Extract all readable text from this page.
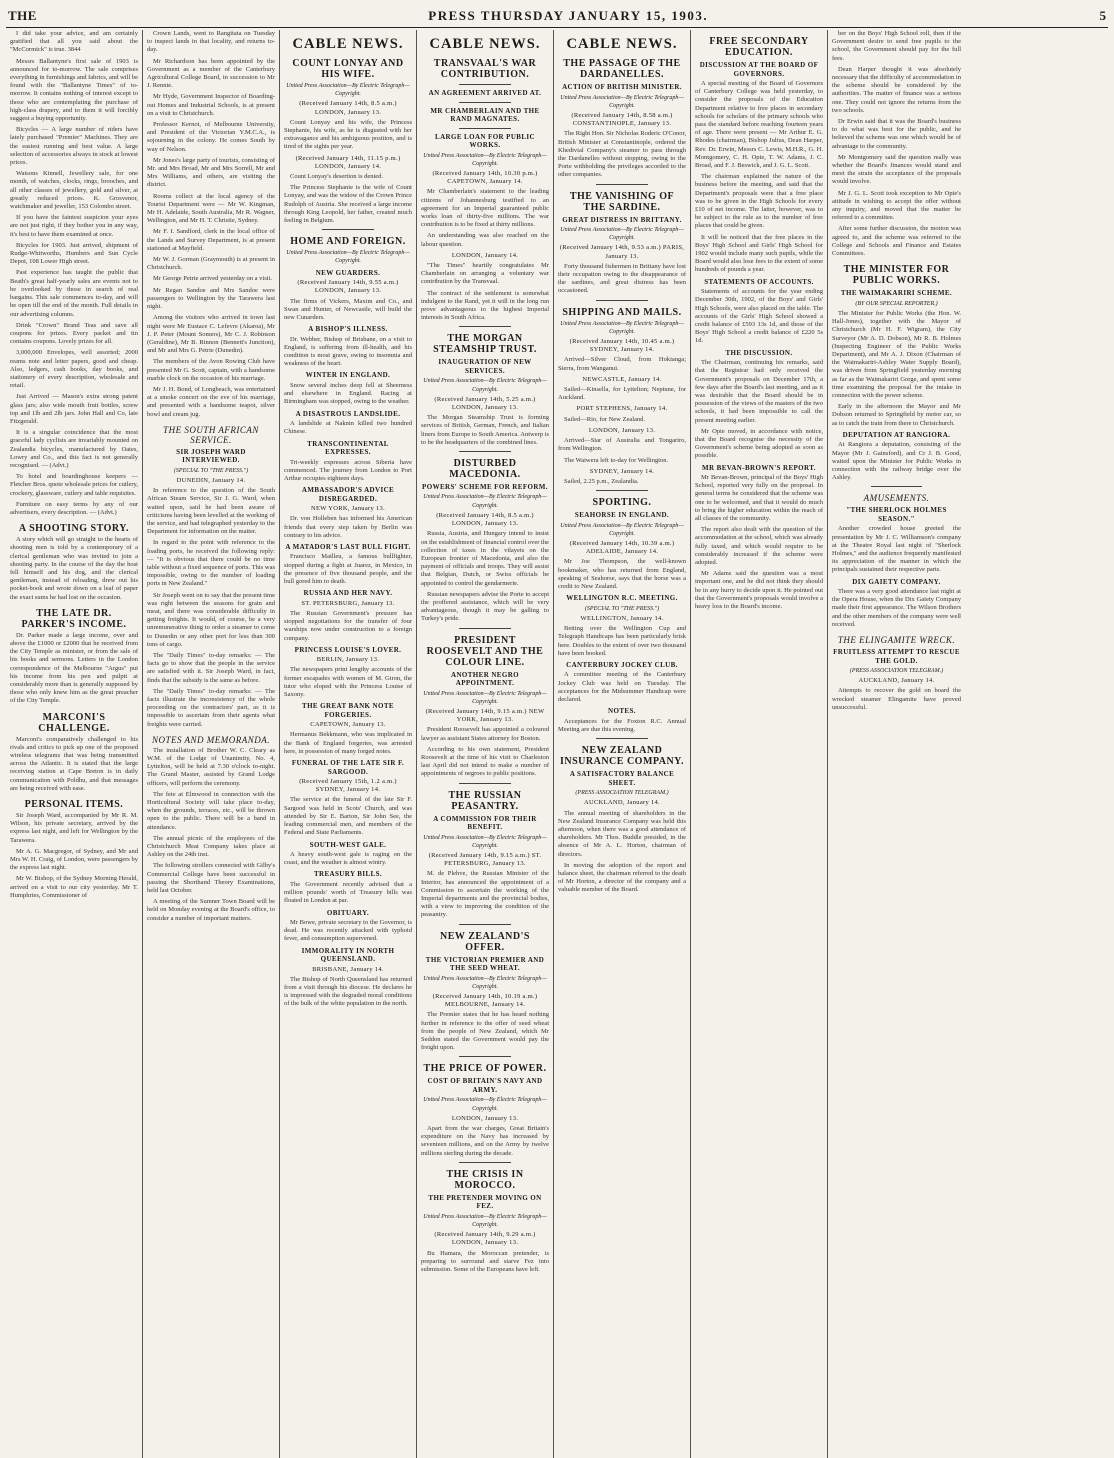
THE	PRESS THURSDAY JANUARY 15, 1903.	5

I did take your advice, and am certainly gratified that all you said about the "McCormick" is true. 3844

Messrs Ballantyne's first sale of 1903 is announced for to-morrow. The sale comprises everything in furnishings and fabrics, and will be found with the "Ballantyne Times" of to-morrow. It contains nothing of interest except to those who are contemplating the purchase of high-class drapery, and to them it will forcibly suggest a buying opportunity.

Bicycles — A large number of riders have lately purchased "Premier" Machines. They are the easiest running and best value. A large selection of accessories always in stock at lowest prices.

Watsons Kinnell, Jewellery sale, for one month, of watches, clocks, rings, brooches, and all other classes of jewellery, gold and silver, at greatly reduced prices. K. Grosvenor, watchmaker and jeweller, 153 Colombo street.

If you have the faintest suspicion your eyes are not just right, if they bother you in any way, it's best to have them examined at once.

Bicycles for 1903. Just arrived, shipment of Rudge-Whitworths, Humbers and Sun Cycle Depot, 108 Lower High street.

Past experience has taught the public that Beath's great half-yearly sales are events not to be overlooked by those in search of real bargains. This sale commences to-day, and will be open till the end of the month. Full details in our advertising columns.

Drink "Crown" Brand Teas and save all coupons for prizes. Every packet and tin contains coupons. Lovely prizes for all.

3,000,000 Envelopes, well assorted; 2000 reams note and letter papers, good and cheap. Also, ledgers, cash books, day books, and stationery of every description, wholesale and retail.

Just Arrived — Mason's extra strong patent glass jars; also wide mouth fruit bottles, screw top and 1lb and 2lb jars. John Hall and Co, late Fitzgerald.

It is a singular coincidence that the most graceful lady cyclists are invariably mounted on Zealandia bicycles, manufactured by Oates, Lowry and Co., and this fact is not generally recognised. — (Advt.)

To hotel and boardinghouse keepers — Fletcher Bros. quote wholesale prices for cutlery, crockery, glassware, cutlery and table requisites.

Furniture on easy terms by any of our advertisers, every description. — (Advt.)

A SHOOTING STORY.

A story which will go straight to the hearts of shooting men is told by a contemporary of a clerical gentleman who was invited to join a shooting party. In the course of the day the host fell himself and his dog, and the clerical gentleman, instead of reloading, drew out his pocket-book and wrote down on a leaf of paper the exact sums he had lost on the occasion.

THE LATE DR. PARKER'S INCOME.

Dr. Parker made a large income, over and above the £1000 or £2000 that he received from the City Temple as minister, or from the sale of his books and sermons. Letters in the London correspondence of the Melbourne "Argus" put his income from his pen and pulpit at considerably more than is generally supposed by those who only knew him as the great preacher of the City Temple.

MARCONI'S CHALLENGE.

Marconi's comparatively challenged to his rivals and critics to pick up one of the proposed wireless telegrams that was being transmitted across the Atlantic. It is stated that the large receiving station at Cape Breton is in daily communication with Poldhu, and that messages are being received with ease.

PERSONAL ITEMS.

Sir Joseph Ward, accompanied by Mr R. M. Wilson, his private secretary, arrived by the express last night, and left for Wellington by the Tarawera.

Mr A. G. Macgregor, of Sydney, and Mr and Mrs W. H. Craig, of London, were passengers by the express last night.

Mr W. Bishop, of the Sydney Morning Herald, arrived on a visit to our city yesterday. Mr T. Humphries, Commissioner of

Crown Lands, went to Rangitata on Tuesday to inspect lands in that locality, and returns to-day.

Mr Richardson has been appointed by the Government as a member of the Canterbury Agricultural College Board, in succession to Mr J. Rennie.

Mr Hyde, Government Inspector of Boarding-out Homes and Industrial Schools, is at present on a visit to Christchurch.

Professor Kernot, of Melbourne University, and President of the Victorian Y.M.C.A., is sojourning in the colony. He comes South by way of Nelson.

Mr Jones's large party of tourists, consisting of Mr. and Mrs Broad, Mr and Mrs Sorrell, Mr and Mrs Williams, and others, are visiting the district.

Rooms collect at the local agency of the Tourist Department were — Mr W. Kingman, Mr H. Adelaide, South Australia, Mr R. Wagner, Wellington, and Mr H. T. Christie, Sydney.

Mr F. I. Sandford, clerk in the local office of the Lands and Survey Department, is at present stationed at Mayfield.

Mr W. J. Gorman (Graymouth) is at present in Christchurch.

Mr George Petrie arrived yesterday on a visit.

Mr Regan Sandoe and Mrs Sandoe were passengers to Wellington by the Tarawera last night.

Among the visitors who arrived in town last night were Mr Eustace C. Lefevre (Akaroa), Mr J. P. Peter (Mount Somers), Mr C. J. Robinson (Geraldine), Mr B. Rinnon (Bennett's Junction), and Mr and Mrs G. Petrie (Dunedin).

The members of the Avon Rowing Club have presented Mr G. Scott, captain, with a handsome marble clock on the occasion of his marriage.

Mr J. H. Bond, of Longbeach, was entertained at a smoke concert on the eve of his marriage, and presented with a handsome teapot, silver bowl and cream jug.

THE SOUTH AFRICAN SERVICE.
SIR JOSEPH WARD INTERVIEWED.
(SPECIAL TO "THE PRESS.")
DUNEDIN, January 14.

In reference to the question of the South African Steam Service, Sir J. G. Ward, when waited upon, said he had been aware of criticisms having been levelled at the working of the service, and had telegraphed yesterday to the Department for information on the matter.

In regard to the point with reference to the loading ports, he received the following reply: — "It is obvious that there could be no time table without a fixed sequence of ports. This was impossible, owing to the number of loading ports in New Zealand."

Sir Joseph went on to say that the present time was right between the seasons for grain and meat, and there was considerable difficulty in getting freights. It would, of course, be a very unremunerative thing to order a steamer to come to Dunedin or any other port for less than 300 tons of cargo.

The "Daily Times" to-day remarks: — The facts go to show that the people in the service are satisfied with it. Sir Joseph Ward, in fact, finds that the subsidy is the same as before.

The "Daily Times" to-day remarks: — The facts illustrate the inconsistency of the whole proceeding on the contractors' part, as it is impossible to ascertain from their agents what freights were carried.

NOTES AND MEMORANDA.

The installation of Brother W. C. Cleary as W.M. of the Lodge of Unanimity, No. 4, Lyttelton, will be held at 7.30 o'clock to-night. The Grand Master, assisted by Grand Lodge officers, will perform the ceremony.

The fete at Elmwood in connection with the Horticultural Society will take place to-day, when the grounds, terraces, etc., will be thrown open to the public. There will be a band in attendance.

The annual picnic of the employees of the Christchurch Meat Company takes place at Ashley on the 24th inst.

The following strollers connected with Gilby's Commercial College have been successful in passing the Shorthand Theory Examinations, held last October.

A meeting of the Sumner Town Board will be held on Monday evening at the Board's office, to consider a number of important matters.

CABLE NEWS.
COUNT LONYAY AND HIS WIFE.
United Press Association—By Electric Telegraph—Copyright.
(Received January 14th, 8.5 a.m.) LONDON, January 13.

Count Lonyay and his wife, the Princess Stephanie, his wife, as he is disgusted with her extravagance and his ambiguous position, and is tired of the sights per year.

(Received January 14th, 11.15 p.m.) LONDON, January 14.

Count Lonyay's desertion is denied.

The Princess Stephanie is the wife of Count Lonyay, and was the widow of the Crown Prince Rudolph of Austria. She received a large income through King Leopold, her father, created much feeling in Belgium.

HOME AND FOREIGN.
United Press Association—By Electric Telegraph—Copyright.
NEW GUARDERS.
(Received January 14th, 9.55 a.m.) LONDON, January 13.

The firms of Vickers, Maxim and Co., and Swan and Hunter, of Newcastle, will build the new Cunarders.

A BISHOP'S ILLNESS.

Dr. Webber, Bishop of Brisbane, on a visit to England, is suffering from ill-health, and his condition is most grave, owing to insomnia and weakness of the heart.

WINTER IN ENGLAND.

Snow several inches deep fell at Sheerness and elsewhere in England. Racing at Birmingham was stopped, owing to the weather.

A DISASTROUS LANDSLIDE.

A landslide at Naknin killed two hundred Chinese.

TRANSCONTINENTAL EXPRESSES.

Tri-weekly expresses across Siberia have commenced. The journey from London to Port Arthur occupies eighteen days.

AMBASSADOR'S ADVICE DISREGARDED.
NEW YORK, January 13.

Dr. von Holleben has informed his American friends that every step taken by Berlin was contrary to his advice.

A MATADOR'S LAST BULL FIGHT.

Francisco Mailleu, a famous bullfighter, stopped during a fight at Juarez, in Mexico, in the presence of five thousand people, and the bull gored him to death.

RUSSIA AND HER NAVY.
ST. PETERSBURG, January 13.

The Russian Government's pressure has stopped negotiations for the transfer of four warships now under construction to a foreign company.

PRINCESS LOUISE'S LOVER.
BERLIN, January 13.

The newspapers print lengthy accounts of the former escapades with women of M. Giron, the tutor who eloped with the Princess Louise of Saxony.

THE GREAT BANK NOTE FORGERIES.
CAPETOWN, January 13.

Hermanus Bekkmann, who was implicated in the Bank of England forgeries, was arrested here, in possession of many forged notes.

FUNERAL OF THE LATE SIR F. SARGOOD.
(Received January 15th, 1.2 a.m.) SYDNEY, January 14.

The service at the funeral of the late Sir F. Sargood was held in Scots' Church, and was attended by Sir E. Barton, Sir John See, the leading commercial men, and members of the Federal and State Parliaments.

SOUTH-WEST GALE.

A heavy south-west gale is raging on the coast, and the weather is almost wintry.

TREASURY BILLS.

The Government recently advised that a million pounds' worth of Treasury bills was floated in London at par.

OBITUARY.

Mr Bowe, private secretary to the Governor, is dead. He was recently attacked with typhoid fever, and consumption supervened.

IMMORALITY IN NORTH QUEENSLAND.
BRISBANE, January 14.

The Bishop of North Queensland has returned from a visit through his diocese. He declares he is impressed with the degraded moral conditions of the bulk of the white population in the north.

CABLE NEWS.
TRANSVAAL'S WAR CONTRIBUTION.
AN AGREEMENT ARRIVED AT.
MR CHAMBERLAIN AND THE RAND MAGNATES.
LARGE LOAN FOR PUBLIC WORKS.
United Press Association—By Electric Telegraph—Copyright.
(Received January 14th, 10.30 p.m.) CAPETOWN, January 14.

Mr Chamberlain's statement to the leading citizens of Johannesburg testified to an agreement for an Imperial guaranteed public works loan of thirty-five millions. The war contribution is to be fixed at thirty millions.

An understanding was also reached on the labour question.

LONDON, January 14.

"The Times" heartily congratulates Mr Chamberlain on arranging a voluntary war contribution by the Transvaal.

The contract of the settlement is somewhat indulgent to the Rand, yet it will in the long run prove advantageous to the highest Imperial interests in South Africa.

THE MORGAN STEAMSHIP TRUST.
INAUGURATION OF NEW SERVICES.
United Press Association—By Electric Telegraph—Copyright.
(Received January 14th, 5.25 a.m.) LONDON, January 13.

The Morgan Steamship Trust is forming services of British, German, French, and Italian liners from Europe to South America. Antwerp is to be the headquarters of the combined lines.

DISTURBED MACEDONIA.
POWERS' SCHEME FOR REFORM.
United Press Association—By Electric Telegraph—Copyright.
(Received January 14th, 8.5 a.m.) LONDON, January 13.

Russia, Austria, and Hungary intend to insist on the establishment of financial control over the collection of taxes in the vilayets on the European frontier of Macedonia, and also the payment of officials and troops. They will assist that Belgian, Dutch, or Swiss officials be appointed to control the gendarmerie.

Russian newspapers advise the Porte to accept the proffered assistance, which will be very advantageous, though it may be galling to Turkey's pride.

PRESIDENT ROOSEVELT AND THE COLOUR LINE.
ANOTHER NEGRO APPOINTMENT.
United Press Association—By Electric Telegraph—Copyright.
(Received January 14th, 9.15 a.m.) NEW YORK, January 13.

President Roosevelt has appointed a coloured lawyer as assistant States attorney for Boston.

According to his own statement, President Roosevelt at the time of his visit to Charleston last April did not intend to make a number of appointments of negroes to public positions.

THE RUSSIAN PEASANTRY.
A COMMISSION FOR THEIR BENEFIT.
United Press Association—By Electric Telegraph—Copyright.
(Received January 14th, 9.15 a.m.) ST. PETERSBURG, January 13.

M. de Plehve, the Russian Minister of the Interior, has announced the appointment of a Commission to ascertain the working of the Imperial departments and the provincial bodies, with a view to improving the condition of the peasantry.

NEW ZEALAND'S OFFER.
THE VICTORIAN PREMIER AND THE SEED WHEAT.
United Press Association—By Electric Telegraph—Copyright.
(Received January 14th, 10.19 a.m.) MELBOURNE, January 14.

The Premier states that he has heard nothing further in reference to the offer of seed wheat from the people of New Zealand, which Mr Seddon stated the Government would pay the freight upon.

THE PRICE OF POWER.
COST OF BRITAIN'S NAVY AND ARMY.
United Press Association—By Electric Telegraph—Copyright.
LONDON, January 13.

Apart from the war charges, Great Britain's expenditure on the Navy has increased by seventeen millions, and on the Army by twelve millions sterling during the decade.

THE CRISIS IN MOROCCO.
THE PRETENDER MOVING ON FEZ.
United Press Association—By Electric Telegraph—Copyright.
(Received January 14th, 9.29 a.m.) LONDON, January 13.

Bu Hamara, the Moroccan pretender, is preparing to surround and starve Fez into submission. Some of the Europeans have left.

CABLE NEWS.
THE PASSAGE OF THE DARDANELLES.
ACTION OF BRITISH MINISTER.
United Press Association—By Electric Telegraph—Copyright.
(Received January 14th, 8.58 a.m.) CONSTANTINOPLE, January 13.

The Right Hon. Sir Nicholas Roderic O'Conor, British Minister at Constantinople, ordered the Khedivial Company's steamer to pass through the Dardanelles without stopping, owing to the Porte withholding the privileges accorded to the other companies.

THE VANISHING OF THE SARDINE.
GREAT DISTRESS IN BRITTANY.
United Press Association—By Electric Telegraph—Copyright.
(Received January 14th, 9.53 a.m.) PARIS, January 13.

Forty thousand fishermen in Brittany have lost their occupation owing to the disappearance of the sardines, and great distress has been occasioned.

SHIPPING AND MAILS.
United Press Association—By Electric Telegraph—Copyright.
(Received January 14th, 10.45 a.m.) SYDNEY, January 14.

Arrived—Silver Cloud, from Hokianga; Sierra, from Wanganui.

NEWCASTLE, January 14.

Sailed—Kinsella, for Lyttelton; Neptune, for Auckland.

PORT STEPHENS, January 14.

Sailed—Rio, for New Zealand.

LONDON, January 13.

Arrived—Star of Australia and Tongariro, from Wellington.

The Waiwera left to-day for Wellington.

SYDNEY, January 14.

Sailed, 2.25 p.m., Zealandia.

SPORTING.
SEAHORSE IN ENGLAND.
United Press Association—By Electric Telegraph—Copyright.
(Received January 14th, 10.39 a.m.) ADELAIDE, January 14.

Mr Joe Thompson, the well-known bookmaker, who has returned from England, speaking of Seahorse, says that the horse was a credit to New Zealand.

WELLINGTON R.C. MEETING.
(SPECIAL TO "THE PRESS.")
WELLINGTON, January 14.

Betting over the Wellington Cup and Telegraph Handicaps has been particularly brisk here. Doubles to the extent of over two thousand have been booked.

CANTERBURY JOCKEY CLUB.

A committee meeting of the Canterbury Jockey Club was held on Tuesday. The acceptances for the Midsummer Handicap were declared.

NOTES.

Acceptances for the Foxton R.C. Annual Meeting are due this evening.

NEW ZEALAND INSURANCE COMPANY.
A SATISFACTORY BALANCE SHEET.
(PRESS ASSOCIATION TELEGRAM.)
AUCKLAND, January 14.

The annual meeting of shareholders in the New Zealand Insurance Company was held this afternoon, when there was a good attendance of shareholders. Mr Thos. Buddle presided, in the absence of Mr A. L. Horton, chairman of directors.

In moving the adoption of the report and balance sheet, the chairman referred to the death of Mr Horton, a director of the company and a valuable member of the Board.

FREE SECONDARY EDUCATION.
DISCUSSION AT THE BOARD OF GOVERNORS.

A special meeting of the Board of Governors of Canterbury College was held yesterday, to consider the proposals of the Education Department relative to free places in secondary schools for scholars of the primary schools who pass the standard before reaching fourteen years of age. There were present — Mr Arthur E. G. Rhodes (chairman), Bishop Julius, Dean Harper, Rev. Dr. Erwin, Messrs C. Lewis, M.H.R., G. H. Montgomery, C. H. Opie, T. W. Adams, J. C. Broad, and F. J. Beswick, and J. G. L. Scott.

The chairman explained the nature of the business before the meeting, and said that the Department's proposals were that a free place was to be given in the High Schools for every £10 of net income. The latter, however, was to be subject to the rule as to the number of free places that could be given.

It will be noticed that the free places in the Boys' High School and Girls' High School for 1902 would include many such pupils, while the Board would also lose fees to the extent of some hundreds of pounds a year.

STATEMENTS OF ACCOUNTS.

Statements of accounts for the year ending December 30th, 1902, of the Boys' and Girls' High Schools, were also placed on the table. The accounts of the Girls' High School showed a credit balance of £593 13s 1d, and those of the Boys' High School a credit balance of £220 5s 1d.

THE DISCUSSION.

The Chairman, continuing his remarks, said that the Registrar had only received the Government's proposals on December 17th, a few days after the Board's last meeting, and as it was desirable that the Board should be in possession of the views of the masters of the two schools, it had been impossible to call the present meeting earlier.

Mr Opie moved, in accordance with notice, that the Board recognise the necessity of the Government's scheme being adopted as soon as possible.

MR BEVAN-BROWN'S REPORT.

Mr Bevan-Brown, principal of the Boys' High School, reported very fully on the proposal. In general terms he considered that the scheme was one to be welcomed, and that it would do much to bring the higher education within the reach of all classes of the community.

The report also dealt with the question of the accommodation at the school, which was already fully taxed, and which would require to be considerably increased if the scheme were adopted.

Mr Adams said the question was a most important one, and he did not think they should be in any hurry to decide upon it. He pointed out that the Government's proposals would involve a heavy loss to the Board's income.

ber on the Boys' High School roll, then if the Government desire to send free pupils to the school, the Government should pay for the full fees.

Dean Harper thought it was absolutely necessary that the difficulty of accommodation in the scheme should be considered by the authorities. The matter of finance was a serious one. They could not ignore the returns from the two schools.

Dr Erwin said that it was the Board's business to do what was best for the public, and he believed the scheme was one which would be of advantage to the community.

Mr Montgomery said the question really was whether the Board's finances would stand and meet the strain the acceptance of the proposals would involve.

Mr J. G. L. Scott took exception to Mr Opie's attitude in wishing to accept the offer without any inquiry, and moved that the matter be referred to a committee.

After some further discussion, the motion was agreed to, and the scheme was referred to the College and Schools and Finance and Estates Committees.

THE MINISTER FOR PUBLIC WORKS.
THE WAIMAKARIRI SCHEME.
(BY OUR SPECIAL REPORTER.)

The Minister for Public Works (the Hon. W. Hall-Jones), together with the Mayor of Christchurch (Mr H. F. Wigram), the City Surveyor (Mr A. D. Dobson), Mr R. B. Holmes (Inspecting Engineer of the Public Works Department), and Mr A. J. Dixon (Chairman of the Waimakariri-Ashley Water Supply Board), was driven from Springfield yesterday morning as far as the Waimakariri Gorge, and spent some time examining the proposal for the intake in connection with the power scheme.

Early in the afternoon the Mayor and Mr Dobson returned to Springfield by motor car, so as to catch the train from there to Christchurch.

DEPUTATION AT RANGIORA.

At Rangiora a deputation, consisting of the Mayor (Mr J. Gainsford), and Cr J. B. Good, waited upon the Minister for Public Works in connection with the railway bridge over the Ashley.

AMUSEMENTS.
"THE SHERLOCK HOLMES SEASON."

Another crowded house greeted the presentation by Mr J. C. Williamson's company at the Theatre Royal last night of "Sherlock Holmes," and the audience frequently manifested its appreciation of the manner in which the principals sustained their respective parts.

DIX GAIETY COMPANY.

There was a very good attendance last night at the Opera House, when the Dix Gaiety Company made their first appearance. The Wilson Brothers and the other members of the company were well received.

THE ELINGAMITE WRECK.
FRUITLESS ATTEMPT TO RESCUE THE GOLD.
(PRESS ASSOCIATION TELEGRAM.)
AUCKLAND, January 14.

Attempts to recover the gold on board the wrecked steamer Elingamite have proved unsuccessful.
